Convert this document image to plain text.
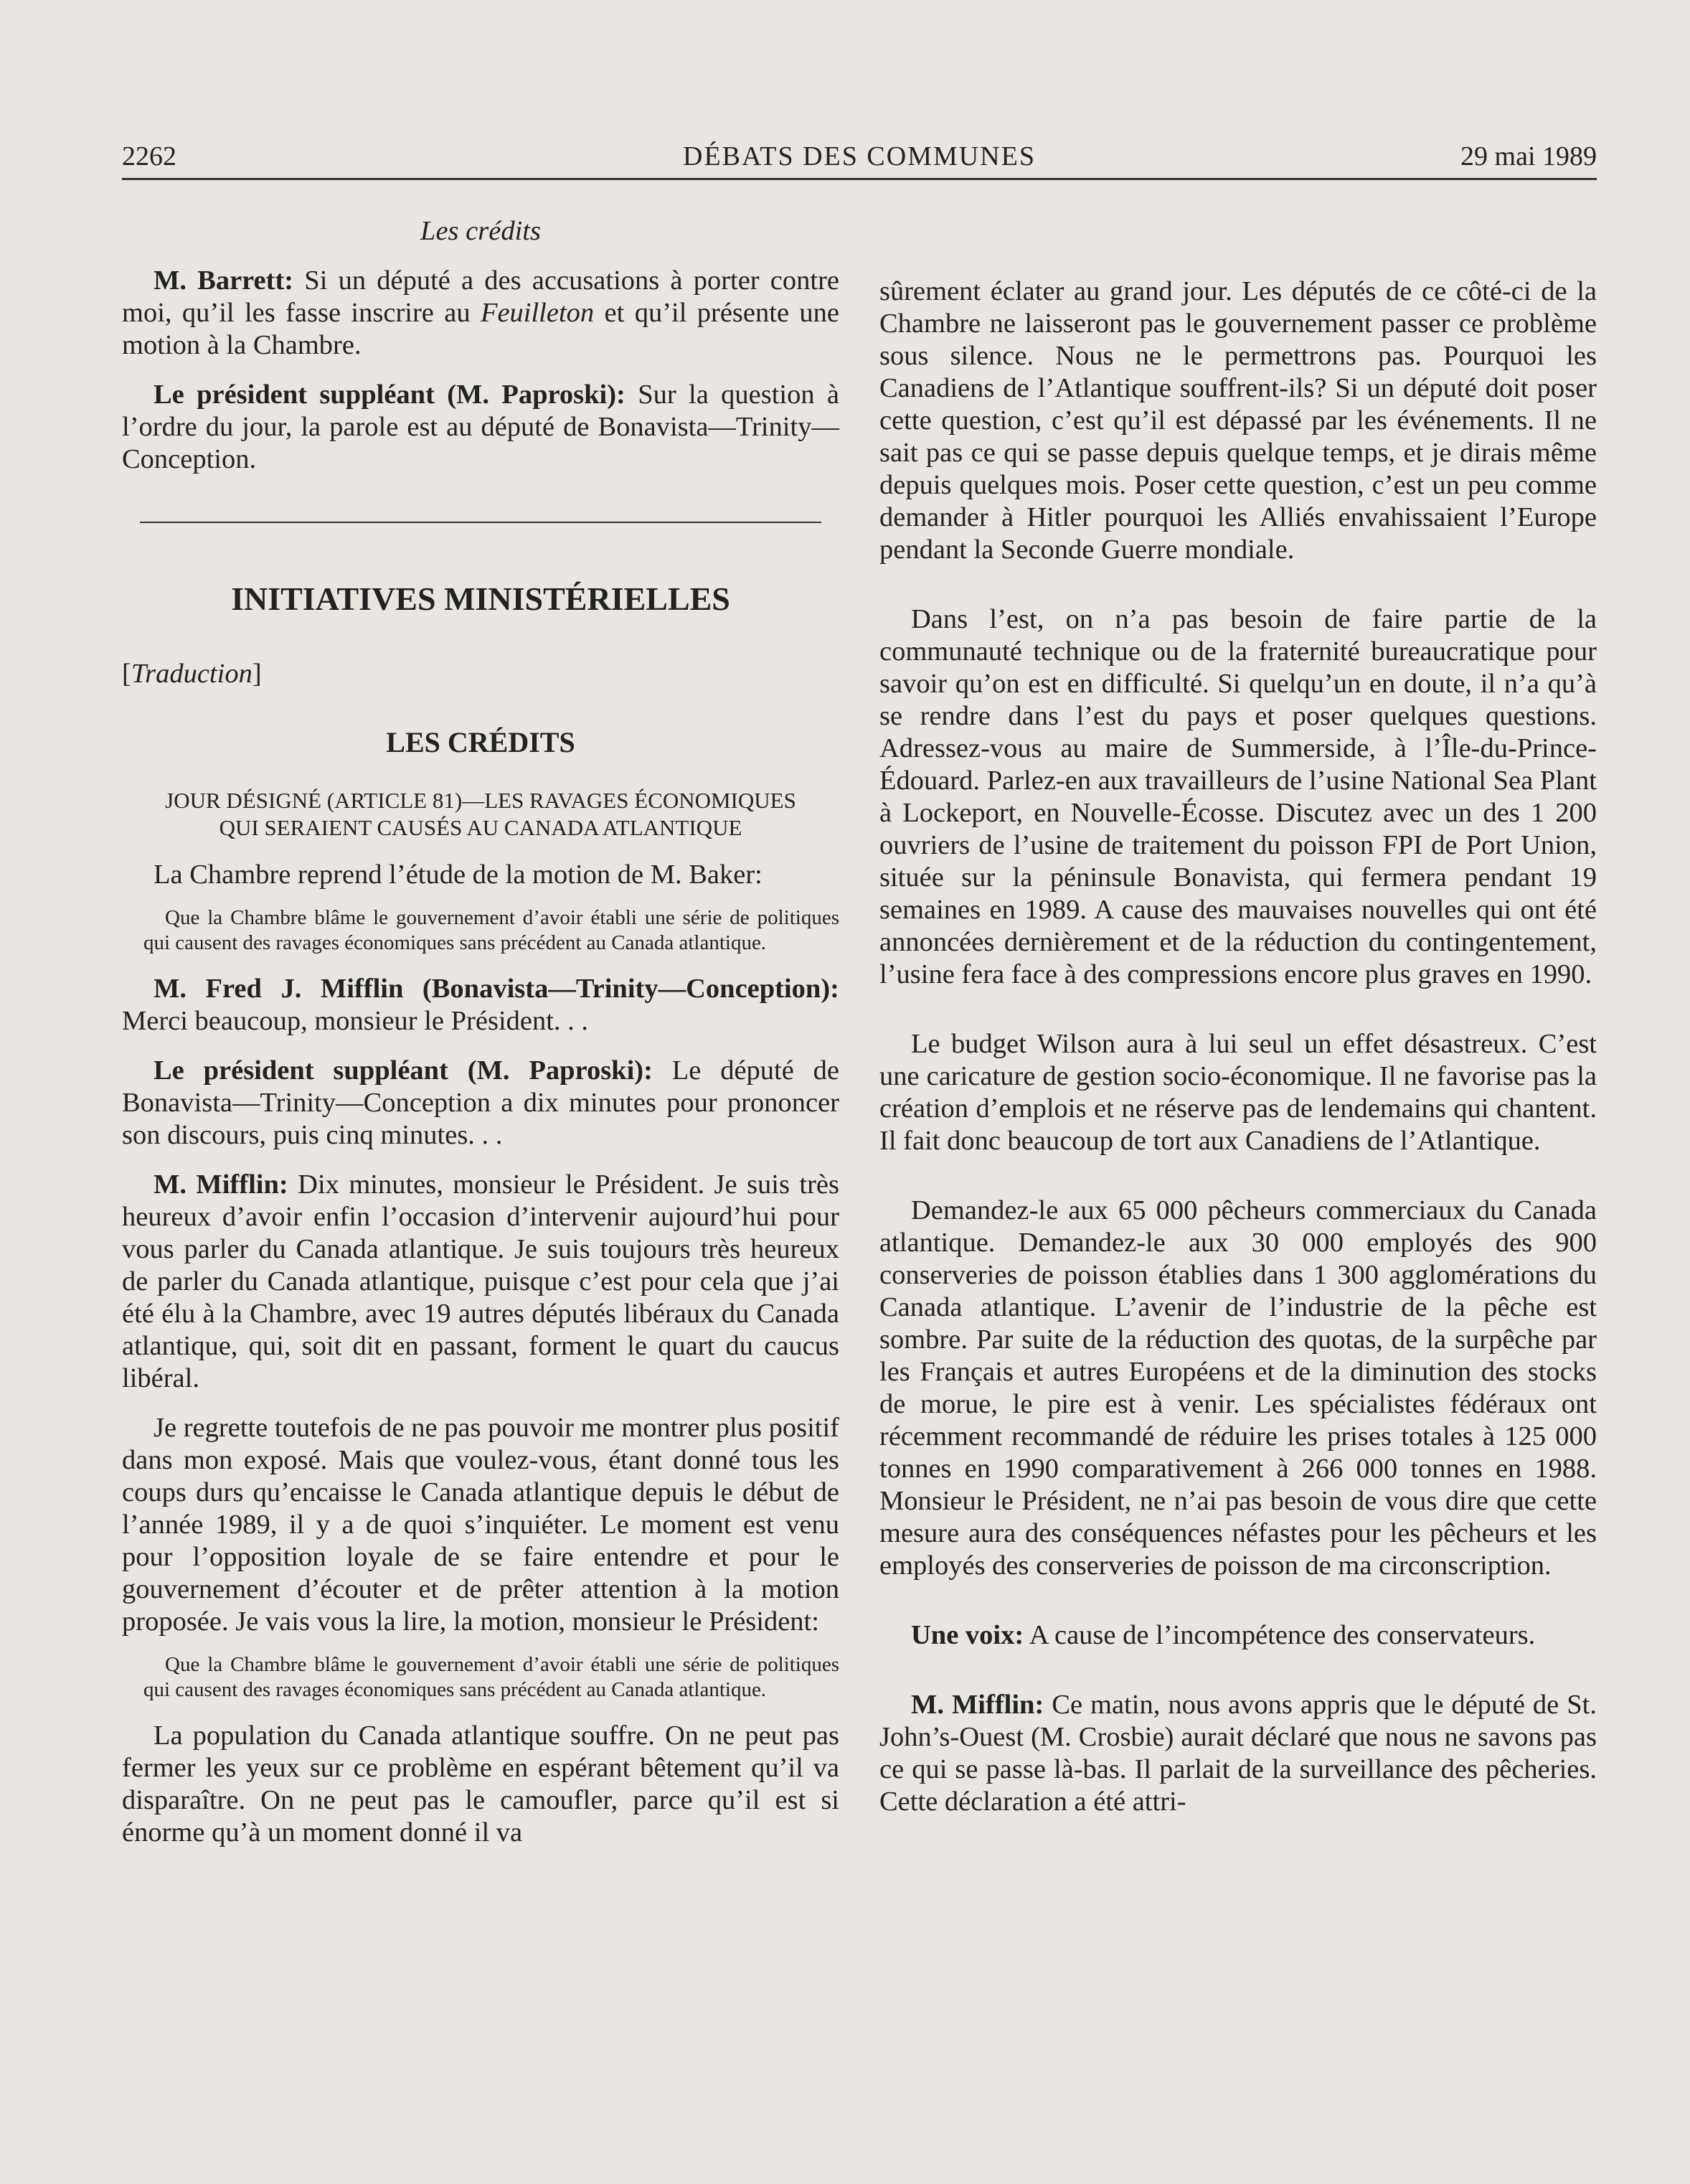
2262	DÉBATS DES COMMUNES	29 mai 1989

Les crédits

M. Barrett: Si un député a des accusations à porter contre moi, qu’il les fasse inscrire au Feuilleton et qu’il présente une motion à la Chambre.

Le président suppléant (M. Paproski): Sur la question à l’ordre du jour, la parole est au député de Bonavista—Trinity—Conception.

INITIATIVES MINISTÉRIELLES

[Traduction]

LES CRÉDITS

JOUR DÉSIGNÉ (ARTICLE 81)—LES RAVAGES ÉCONOMIQUES QUI SERAIENT CAUSÉS AU CANADA ATLANTIQUE

La Chambre reprend l’étude de la motion de M. Baker:

Que la Chambre blâme le gouvernement d’avoir établi une série de politiques qui causent des ravages économiques sans précédent au Canada atlantique.

M. Fred J. Mifflin (Bonavista—Trinity—Conception): Merci beaucoup, monsieur le Président. . .

Le président suppléant (M. Paproski): Le député de Bonavista—Trinity—Conception a dix minutes pour prononcer son discours, puis cinq minutes. . .

M. Mifflin: Dix minutes, monsieur le Président. Je suis très heureux d’avoir enfin l’occasion d’intervenir aujourd’hui pour vous parler du Canada atlantique. Je suis toujours très heureux de parler du Canada atlantique, puisque c’est pour cela que j’ai été élu à la Chambre, avec 19 autres députés libéraux du Canada atlantique, qui, soit dit en passant, forment le quart du caucus libéral.

Je regrette toutefois de ne pas pouvoir me montrer plus positif dans mon exposé. Mais que voulez-vous, étant donné tous les coups durs qu’encaisse le Canada atlantique depuis le début de l’année 1989, il y a de quoi s’inquiéter. Le moment est venu pour l’opposition loyale de se faire entendre et pour le gouvernement d’écouter et de prêter attention à la motion proposée. Je vais vous la lire, la motion, monsieur le Président:

Que la Chambre blâme le gouvernement d’avoir établi une série de politiques qui causent des ravages économiques sans précédent au Canada atlantique.

La population du Canada atlantique souffre. On ne peut pas fermer les yeux sur ce problème en espérant bêtement qu’il va disparaître. On ne peut pas le camoufler, parce qu’il est si énorme qu’à un moment donné il va

sûrement éclater au grand jour. Les députés de ce côté-ci de la Chambre ne laisseront pas le gouvernement passer ce problème sous silence. Nous ne le permettrons pas. Pourquoi les Canadiens de l’Atlantique souffrent-ils? Si un député doit poser cette question, c’est qu’il est dépassé par les événements. Il ne sait pas ce qui se passe depuis quelque temps, et je dirais même depuis quelques mois. Poser cette question, c’est un peu comme demander à Hitler pourquoi les Alliés envahissaient l’Europe pendant la Seconde Guerre mondiale.

Dans l’est, on n’a pas besoin de faire partie de la communauté technique ou de la fraternité bureaucratique pour savoir qu’on est en difficulté. Si quelqu’un en doute, il n’a qu’à se rendre dans l’est du pays et poser quelques questions. Adressez-vous au maire de Summerside, à l’Île-du-Prince-Édouard. Parlez-en aux travailleurs de l’usine National Sea Plant à Lockeport, en Nouvelle-Écosse. Discutez avec un des 1 200 ouvriers de l’usine de traitement du poisson FPI de Port Union, située sur la péninsule Bonavista, qui fermera pendant 19 semaines en 1989. A cause des mauvaises nouvelles qui ont été annoncées dernièrement et de la réduction du contingentement, l’usine fera face à des compressions encore plus graves en 1990.

Le budget Wilson aura à lui seul un effet désastreux. C’est une caricature de gestion socio-économique. Il ne favorise pas la création d’emplois et ne réserve pas de lendemains qui chantent. Il fait donc beaucoup de tort aux Canadiens de l’Atlantique.

Demandez-le aux 65 000 pêcheurs commerciaux du Canada atlantique. Demandez-le aux 30 000 employés des 900 conserveries de poisson établies dans 1 300 agglomérations du Canada atlantique. L’avenir de l’industrie de la pêche est sombre. Par suite de la réduction des quotas, de la surpêche par les Français et autres Européens et de la diminution des stocks de morue, le pire est à venir. Les spécialistes fédéraux ont récemment recommandé de réduire les prises totales à 125 000 tonnes en 1990 comparativement à 266 000 tonnes en 1988. Monsieur le Président, ne n’ai pas besoin de vous dire que cette mesure aura des conséquences néfastes pour les pêcheurs et les employés des conserveries de poisson de ma circonscription.

Une voix: A cause de l’incompétence des conservateurs.

M. Mifflin: Ce matin, nous avons appris que le député de St. John’s-Ouest (M. Crosbie) aurait déclaré que nous ne savons pas ce qui se passe là-bas. Il parlait de la surveillance des pêcheries. Cette déclaration a été attri-
